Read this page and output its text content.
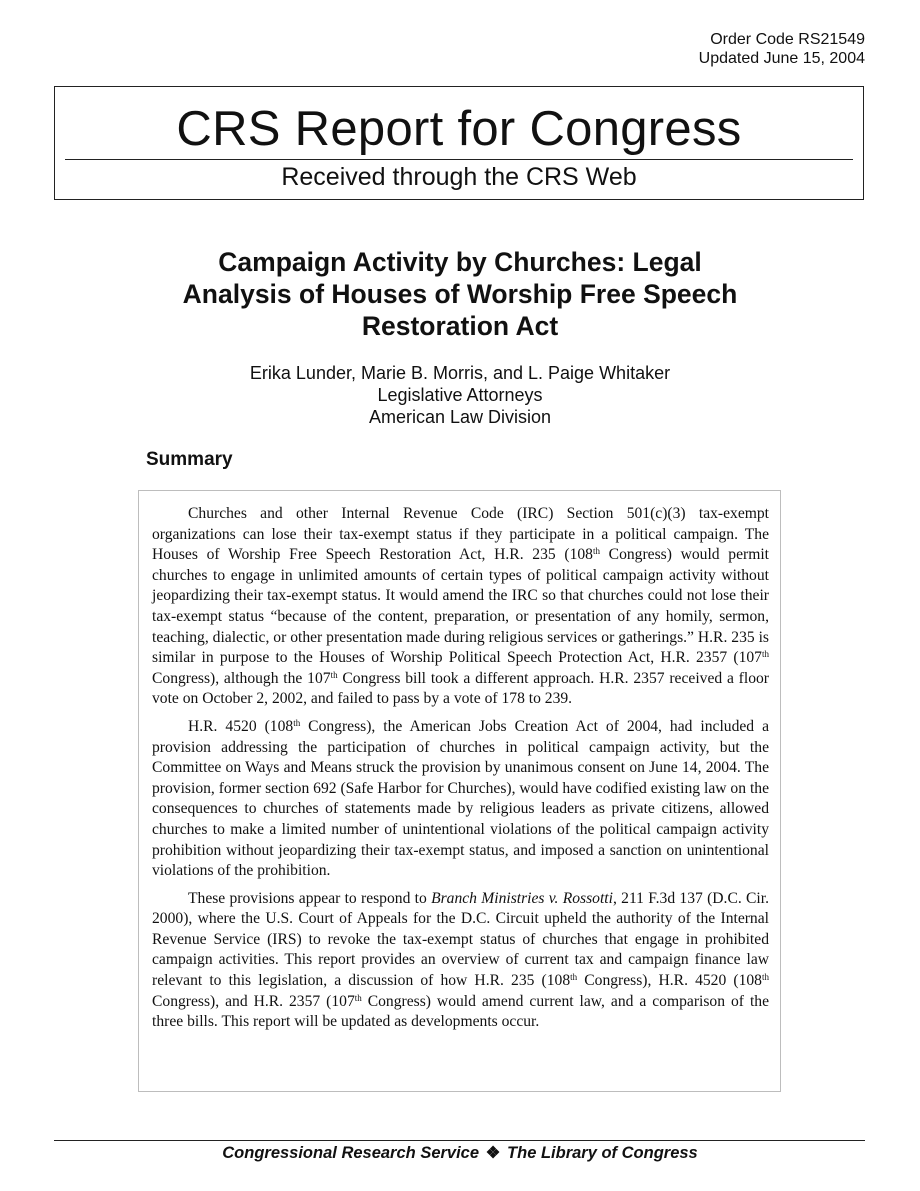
Order Code RS21549
Updated June 15, 2004
CRS Report for Congress
Received through the CRS Web
Campaign Activity by Churches: Legal
Analysis of Houses of Worship Free Speech
Restoration Act
Erika Lunder, Marie B. Morris, and L. Paige Whitaker
Legislative Attorneys
American Law Division
Summary

Churches and other Internal Revenue Code (IRC) Section 501(c)(3) tax-exempt organizations can lose their tax-exempt status if they participate in a political campaign. The Houses of Worship Free Speech Restoration Act, H.R. 235 (108th Congress) would permit churches to engage in unlimited amounts of certain types of political campaign activity without jeopardizing their tax-exempt status. It would amend the IRC so that churches could not lose their tax-exempt status “because of the content, preparation, or presentation of any homily, sermon, teaching, dialectic, or other presentation made during religious services or gatherings.” H.R. 235 is similar in purpose to the Houses of Worship Political Speech Protection Act, H.R. 2357 (107th Congress), although the 107th Congress bill took a different approach. H.R. 2357 received a floor vote on October 2, 2002, and failed to pass by a vote of 178 to 239.

H.R. 4520 (108th Congress), the American Jobs Creation Act of 2004, had included a provision addressing the participation of churches in political campaign activity, but the Committee on Ways and Means struck the provision by unanimous consent on June 14, 2004. The provision, former section 692 (Safe Harbor for Churches), would have codified existing law on the consequences to churches of statements made by religious leaders as private citizens, allowed churches to make a limited number of unintentional violations of the political campaign activity prohibition without jeopardizing their tax-exempt status, and imposed a sanction on unintentional violations of the prohibition.

These provisions appear to respond to Branch Ministries v. Rossotti, 211 F.3d 137 (D.C. Cir. 2000), where the U.S. Court of Appeals for the D.C. Circuit upheld the authority of the Internal Revenue Service (IRS) to revoke the tax-exempt status of churches that engage in prohibited campaign activities. This report provides an overview of current tax and campaign finance law relevant to this legislation, a discussion of how H.R. 235 (108th Congress), H.R. 4520 (108th Congress), and H.R. 2357 (107th Congress) would amend current law, and a comparison of the three bills. This report will be updated as developments occur.

Congressional Research Service ❖ The Library of Congress
